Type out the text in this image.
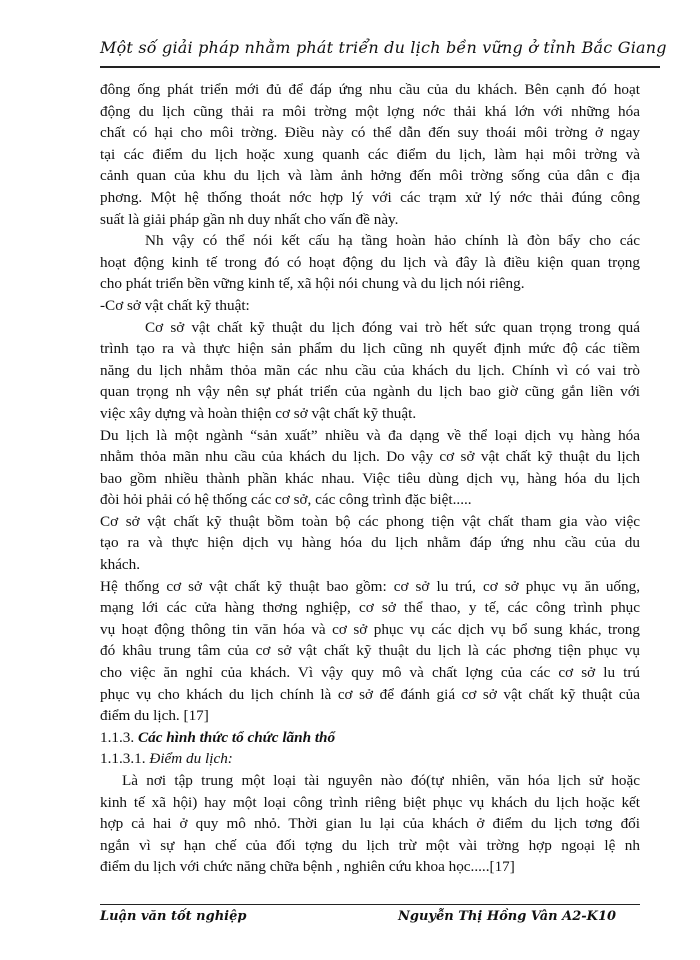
Một số giải pháp nhằm phát triển du lịch bền vững ở tỉnh Bắc Giang
đông ống phát triển mới đủ để đáp ứng nhu cầu của du khách. Bên cạnh đó hoạt
động du lịch cũng thải ra môi trờng một lợng nớc thải khá lớn với những hóa
chất có hại cho môi trờng. Điều này có thể dẫn đến suy thoái môi trờng ở ngay
tại các điểm du lịch hoặc xung quanh các điểm du lịch, làm hại môi trờng và
cảnh quan của khu du lịch và làm ảnh hởng đến môi trờng sống của dân c địa
phơng. Một hệ thống thoát nớc hợp lý với các trạm xử lý nớc thải đúng công
suất là giải pháp gần nh duy nhất cho vấn đề này.
Nh vậy có thể nói kết cấu hạ tầng hoàn hảo chính là đòn bẩy cho các
hoạt động kinh tế trong đó có hoạt động du lịch và đây là điều kiện quan trọng
cho phát triển bền vững kinh tế, xã hội nói chung và du lịch nói riêng.
-Cơ sở vật chất kỹ thuật:
Cơ sở vật chất kỹ thuật du lịch đóng vai trò hết sức quan trọng trong quá
trình tạo ra và thực hiện sản phẩm du lịch cũng nh quyết định mức độ các tiềm
năng du lịch nhằm thỏa mãn các nhu cầu của khách du lịch. Chính vì có vai trò
quan trọng nh vậy nên sự phát triển của ngành du lịch bao giờ cũng gắn liền với
việc xây dựng và hoàn thiện cơ sở vật chất kỹ thuật.
Du lịch là một ngành “sản xuất” nhiều và đa dạng về thể loại dịch vụ hàng hóa
nhằm thỏa mãn nhu cầu của khách du lịch. Do vậy cơ sở vật chất kỹ thuật du lịch
bao gồm nhiều thành phần khác nhau. Việc tiêu dùng dịch vụ, hàng hóa du lịch
đòi hỏi phải có hệ thống các cơ sở, các công trình đặc biệt.....
Cơ sở vật chất kỹ thuật bồm toàn bộ các phong tiện vật chất tham gia vào việc
tạo ra và thực hiện dịch vụ hàng hóa du lịch nhằm đáp ứng nhu cầu của du
khách.
Hệ thống cơ sở vật chất kỹ thuật bao gồm: cơ sở lu trú, cơ sở phục vụ ăn uống,
mạng lới các cửa hàng thơng nghiệp, cơ sở thể thao, y tế, các công trình phục
vụ hoạt động thông tin văn hóa và cơ sở phục vụ các dịch vụ bổ sung khác, trong
đó khâu trung tâm của cơ sở vật chất kỹ thuật du lịch là các phơng tiện phục vụ
cho việc ăn nghỉ của khách. Vì vậy quy mô và chất lợng của các cơ sở lu trú
phục vụ cho khách du lịch chính là cơ sở để đánh giá cơ sở vật chất kỹ thuật của
điểm du lịch. [17]
1.1.3. Các hình thức tổ chức lãnh thổ
1.1.3.1. Điểm du lịch:
Là nơi tập trung một loại tài nguyên nào đó(tự nhiên, văn hóa lịch sử hoặc
kinh tế xã hội) hay một loại công trình riêng biệt phục vụ khách du lịch hoặc kết
hợp cả hai ở quy mô nhỏ. Thời gian lu lại của khách ở điểm du lịch tơng đối
ngắn vì sự hạn chế của đối tợng du lịch trừ một vài trờng hợp ngoại lệ nh
điểm du lịch với chức năng chữa bệnh , nghiên cứu khoa học.....[17]
Luận văn tốt nghiệp	Nguyễn Thị Hồng Vân A2-K10
